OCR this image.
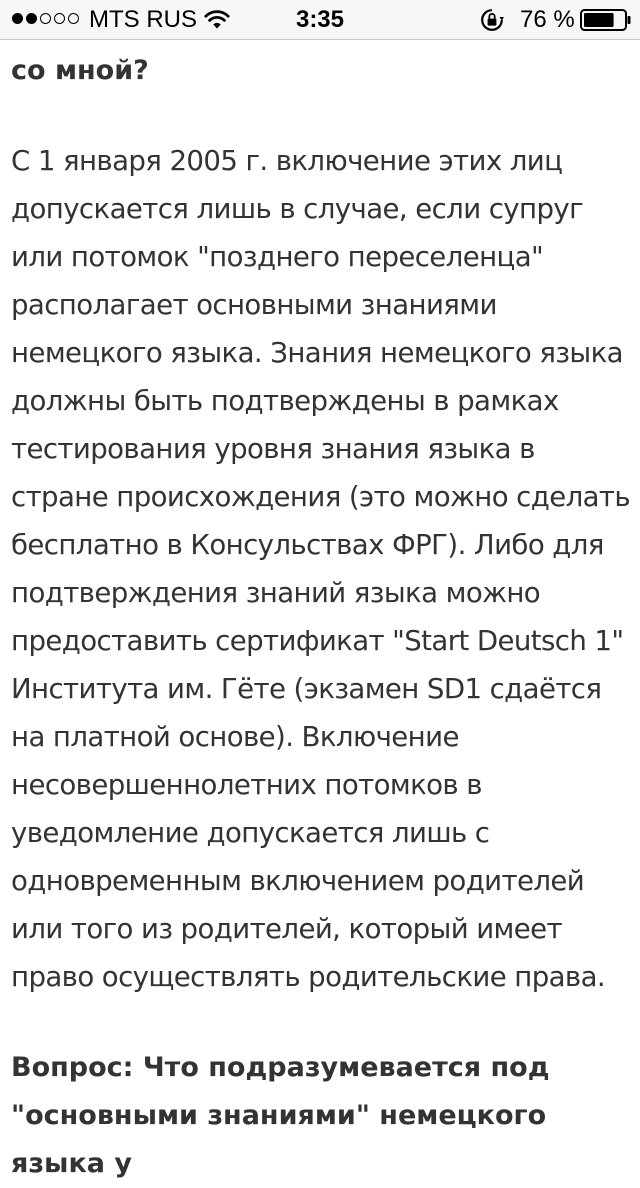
MTS RUS	3:35	76 %

со мной?

С 1 января 2005 г. включение этих лиц допускается лишь в случае, если супруг или потомок "позднего переселенца" располагает основными знаниями немецкого языка. Знания немецкого языка должны быть подтверждены в рамках тестирования уровня знания языка в стране происхождения (это можно сделать бесплатно в Консульствах ФРГ). Либо для подтверждения знаний языка можно предоставить сертификат "Start Deutsch 1" Института им. Гёте (экзамен SD1 сдаётся на платной основе). Включение несовершеннолетних потомков в уведомление допускается лишь с одновременным включением родителей или того из родителей, который имеет право осуществлять родительские права.

Вопрос: Что подразумевается под "основными знаниями" немецкого языка у
